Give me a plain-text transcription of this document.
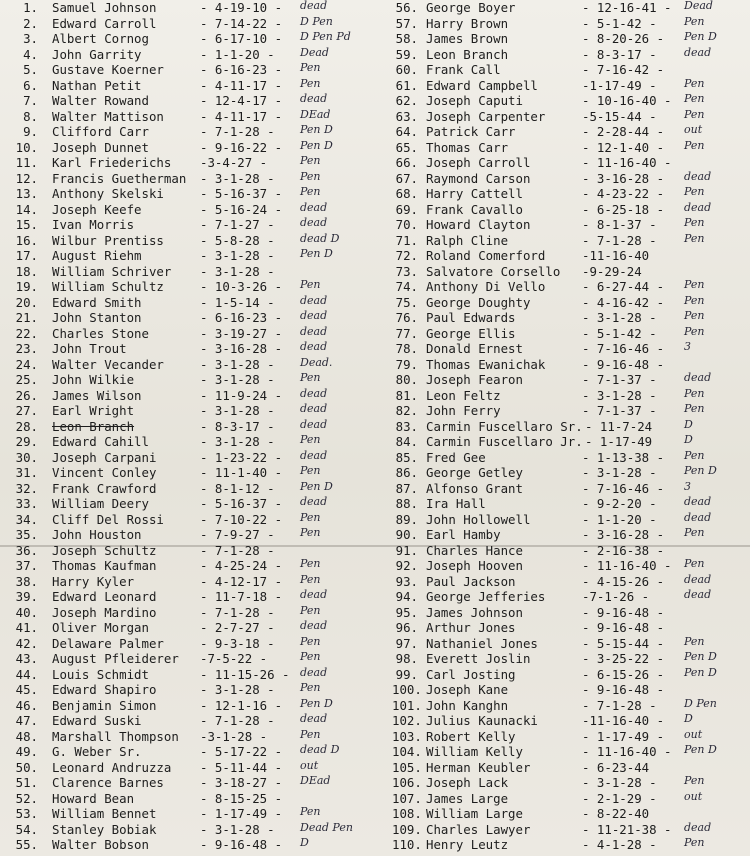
1. Samuel Johnson	- 4-19-10 - dead
2. Edward Carroll	- 7-14-22 - D Pen
3. Albert Cornog	- 6-17-10 - D Pen Pd
4. John Garrity	- 1-1-20 - Dead
5. Gustave Koerner	- 6-16-23 - Pen
6. Nathan Petit	- 4-11-17 - Pen
7. Walter Rowand	- 12-4-17 - dead
8. Walter Mattison	- 4-11-17 - DEad
9. Clifford Carr	- 7-1-28 - Pen D
10. Joseph Dunnet	- 9-16-22 - Pen D
11. Karl Friederichs -3-4-27 -	Pen
12. Francis Guetherman - 3-1-28 - Pen
13. Anthony Skelski	- 5-16-37 - Pen
14. Joseph Keefe	- 5-16-24 - dead
15. Ivan Morris	- 7-1-27 - dead
16. Wilbur Prentiss	- 5-8-28 - dead D
17. August Riehm	- 3-1-28 - Pen D
18. William Schriver - 3-1-28 -
19. William Schultz	- 10-3-26 - Pen
20. Edward Smith	- 1-5-14 - dead
21. John Stanton	- 6-16-23 - dead
22. Charles Stone	- 3-19-27 - dead
23. John Trout	- 3-16-28 - dead
24. Walter Vecander	- 3-1-28 - Dead.
25. John Wilkie	- 3-1-28 - Pen
26. James Wilson	- 11-9-24 - dead
27. Earl Wright	- 3-1-28 - dead
28. Leon Branch	- 8-3-17 - dead
29. Edward Cahill	- 3-1-28 - Pen
30. Joseph Carpani	- 1-23-22 - dead
31. Vincent Conley	- 11-1-40 - Pen
32. Frank Crawford	- 8-1-12 - Pen D
33. William Deery	- 5-16-37 - dead
34. Cliff Del Rossi	- 7-10-22 - Pen
35. John Houston	- 7-9-27 - Pen
36. Joseph Schultz	- 7-1-28 -
37. Thomas Kaufman	- 4-25-24 - Pen
38. Harry Kyler	- 4-12-17 - Pen
39. Edward Leonard	- 11-7-18 - dead
40. Joseph Mardino	- 7-1-28 - Pen
41. Oliver Morgan	- 2-7-27 - dead
42. Delaware Palmer	- 9-3-18 - Pen
43. August Pfleiderer -7-5-22 -	Pen
44. Louis Schmidt	- 11-15-26 - dead
45. Edward Shapiro	- 3-1-28 - Pen
46. Benjamin Simon	- 12-1-16 - Pen D
47. Edward Suski	- 7-1-28 - dead
48. Marshall Thompson -3-1-28 -	Pen
49. G. Weber Sr.	- 5-17-22 - dead D
50. Leonard Andruzza - 5-11-44 - out
51. Clarence Barnes	- 3-18-27 - DEad
52. Howard Bean	- 8-15-25 -
53. William Bennet	- 1-17-49 - Pen
54. Stanley Bobiak	- 3-1-28 - Dead Pen
55. Walter Bobson	- 9-16-48 - D
56. George Boyer	- 12-16-41 - Dead
57. Harry Brown	- 5-1-42 - Pen
58. James Brown	- 8-20-26 - Pen D
59. Leon Branch	- 8-3-17 - dead
60. Frank Call	- 7-16-42 -
61. Edward Campbell	-1-17-49 - Pen
62. Joseph Caputi	- 10-16-40 - Pen
63. Joseph Carpenter	-5-15-44 - Pen
64. Patrick Carr	- 2-28-44 - out
65. Thomas Carr	- 12-1-40 - Pen
66. Joseph Carroll	- 11-16-40 -
67. Raymond Carson	- 3-16-28 - dead
68. Harry Cattell	- 4-23-22 - Pen
69. Frank Cavallo	- 6-25-18 - dead
70. Howard Clayton	- 8-1-37 - Pen
71. Ralph Cline	- 7-1-28 - Pen
72. Roland Comerford	-11-16-40
73. Salvatore Corsello -9-29-24
74. Anthony Di Vello	- 6-27-44 - Pen
75. George Doughty	- 4-16-42 - Pen
76. Paul Edwards	- 3-1-28 - Pen
77. George Ellis	- 5-1-42 - Pen
78. Donald Ernest	- 7-16-46 - 3
79. Thomas Ewanichak	- 9-16-48 -
80. Joseph Fearon	- 7-1-37 - dead
81. Leon Feltz	- 3-1-28 - Pen
82. John Ferry	- 7-1-37 - Pen
83. Carmin Fuscellaro Sr. - 11-7-24	D
84. Carmin Fuscellaro Jr. - 1-17-49	D
85. Fred Gee	- 1-13-38 - Pen
86. George Getley	- 3-1-28 - Pen D
87. Alfonso Grant	- 7-16-46 - 3
88. Ira Hall	- 9-2-20 - dead
89. John Hollowell	- 1-1-20 - dead
90. Earl Hamby	- 3-16-28 - Pen
91. Charles Hance	- 2-16-38 -
92. Joseph Hooven	- 11-16-40 - Pen
93. Paul Jackson	- 4-15-26 - dead
94. George Jefferies	-7-1-26 -	dead
95. James Johnson	- 9-16-48 -
96. Arthur Jones	- 9-16-48 -
97. Nathaniel Jones	- 5-15-44 - Pen
98. Everett Joslin	- 3-25-22 - Pen D
99. Carl Josting	- 6-15-26 - Pen D
100. Joseph Kane	- 9-16-48 -
101. John Kanghn	- 7-1-28 - D Pen
102. Julius Kaunacki	-11-16-40 - D
103. Robert Kelly	- 1-17-49 - out
104. William Kelly	- 11-16-40 - Pen D
105. Herman Keubler	- 6-23-44
106. Joseph Lack	- 3-1-28 - Pen
107. James Large	- 2-1-29 - out
108. William Large	- 8-22-40
109. Charles Lawyer	- 11-21-38 - dead
110. Henry Leutz	- 4-1-28 - Pen
